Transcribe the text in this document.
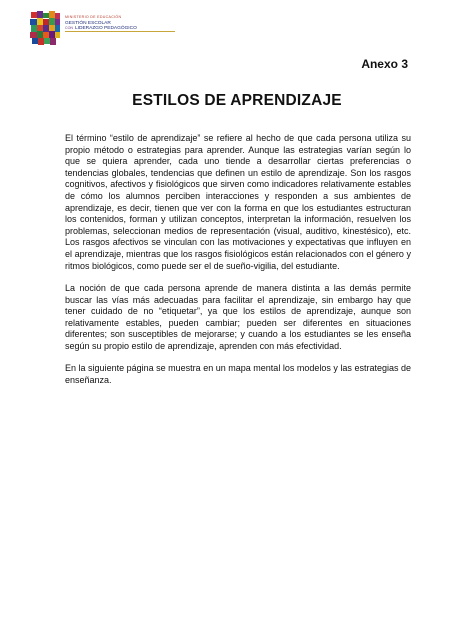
MINISTERIO DE EDUCACIÓN
GESTIÓN ESCOLAR
CON LIDERAZGO PEDAGÓGICO
Anexo 3
ESTILOS DE APRENDIZAJE

El término “estilo de aprendizaje” se refiere al hecho de que cada persona utiliza su propio método o estrategias para aprender. Aunque las estrategias varían según lo que se quiera aprender, cada uno tiende a desarrollar ciertas preferencias o tendencias globales, tendencias que definen un estilo de aprendizaje. Son los rasgos cognitivos, afectivos y fisiológicos que sirven como indicadores relativamente estables de cómo los alumnos perciben interacciones y responden a sus ambientes de aprendizaje, es decir, tienen que ver con la forma en que los estudiantes estructuran los contenidos, forman y utilizan conceptos, interpretan la información, resuelven los problemas, seleccionan medios de representación (visual, auditivo, kinestésico), etc. Los rasgos afectivos se vinculan con las motivaciones y expectativas que influyen en el aprendizaje, mientras que los rasgos fisiológicos están relacionados con el género y ritmos biológicos, como puede ser el de sueño-vigilia, del estudiante.

La noción de que cada persona aprende de manera distinta a las demás permite buscar las vías más adecuadas para facilitar el aprendizaje, sin embargo hay que tener cuidado de no “etiquetar”, ya que los estilos de aprendizaje, aunque son relativamente estables, pueden cambiar; pueden ser diferentes en situaciones diferentes; son susceptibles de mejorarse; y cuando a los estudiantes se les enseña según su propio estilo de aprendizaje, aprenden con más efectividad.

En la siguiente página se muestra en un mapa mental los modelos y las estrategias de enseñanza.
